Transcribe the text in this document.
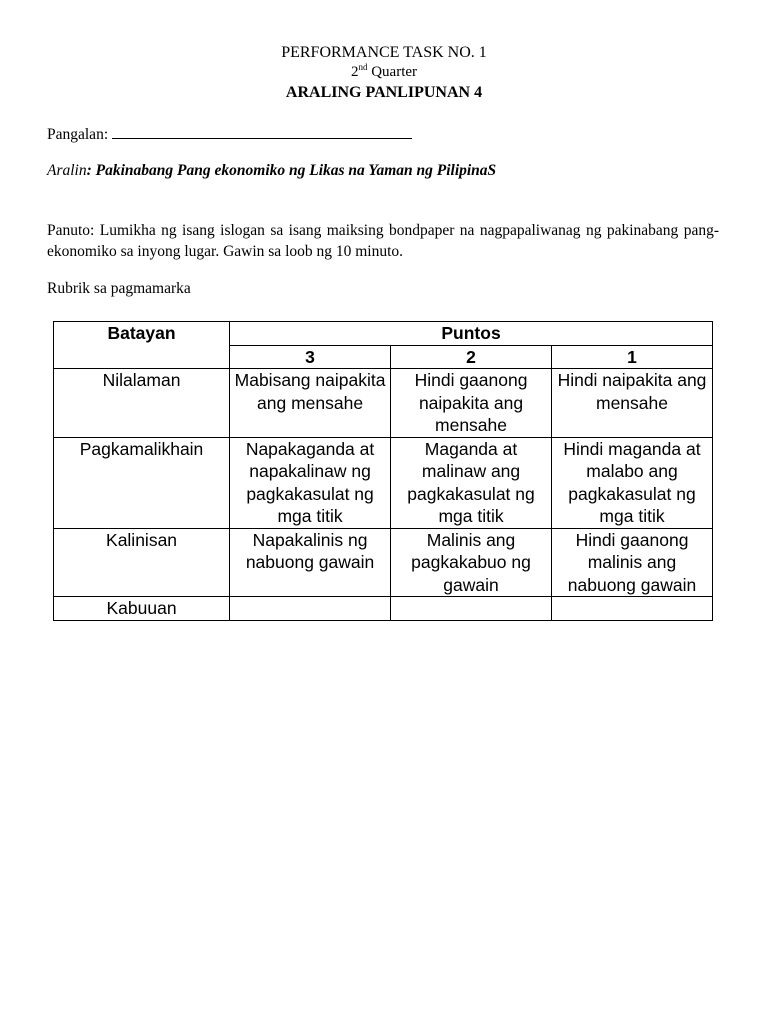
PERFORMANCE TASK NO. 1
2nd Quarter
ARALING PANLIPUNAN 4
Pangalan:
Aralin: Pakinabang Pang ekonomiko ng Likas na Yaman ng PilipinaS
Panuto: Lumikha ng isang islogan sa isang maiksing bondpaper na nagpapaliwanag ng pakinabang pang-ekonomiko sa inyong lugar. Gawin sa loob ng 10 minuto.
Rubrik sa pagmamarka
Batayan	Puntos		
	3	2	1
Nilalaman	Mabisang naipakita ang mensahe	Hindi gaanong naipakita ang mensahe	Hindi naipakita ang mensahe
Pagkamalikhain	Napakaganda at napakalinaw ng pagkakasulat ng mga titik	Maganda at malinaw ang pagkakasulat ng mga titik	Hindi maganda at malabo ang pagkakasulat ng mga titik
Kalinisan	Napakalinis ng nabuong gawain	Malinis ang pagkakabuo ng gawain	Hindi gaanong malinis ang nabuong gawain
Kabuuan			
